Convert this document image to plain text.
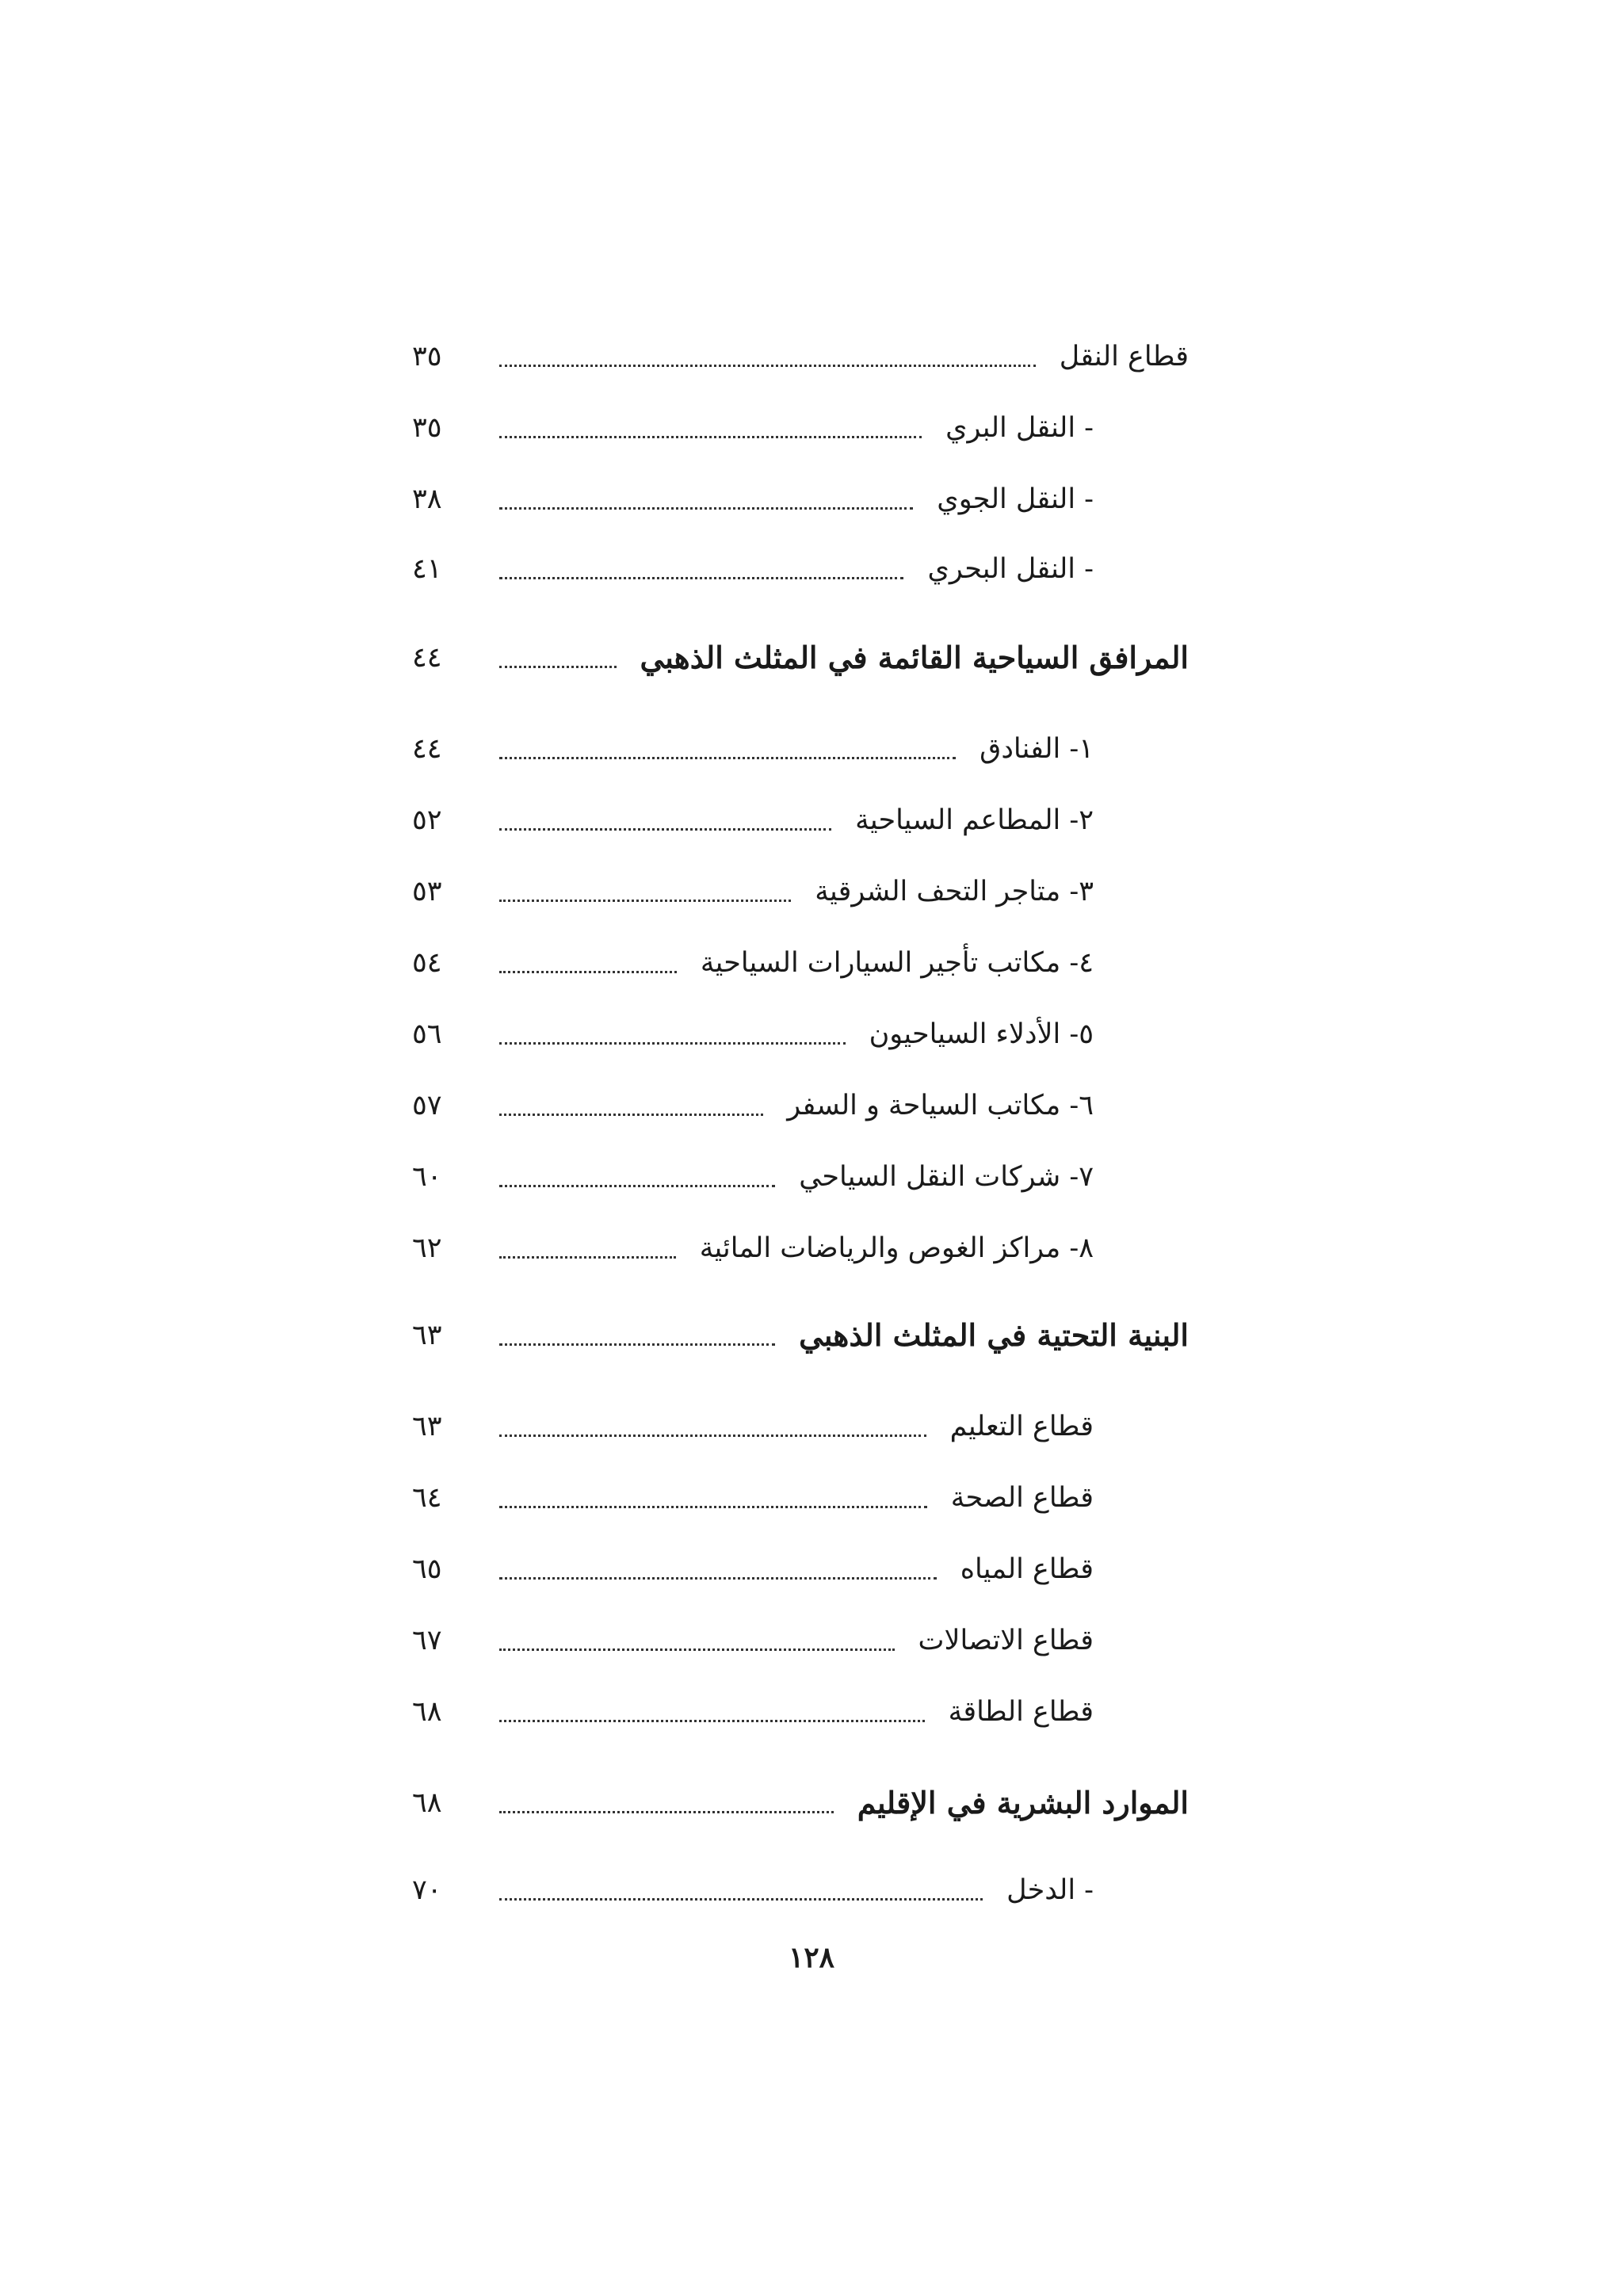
٣٥	قطاع النقل
٣٥	- النقل البري
٣٨	- النقل الجوي
٤١	- النقل البحري
٤٤	المرافق السياحية القائمة في المثلث الذهبي
٤٤	١- الفنادق
٥٢	٢- المطاعم السياحية
٥٣	٣- متاجر التحف الشرقية
٥٤	٤- مكاتب تأجير السيارات السياحية
٥٦	٥- الأدلاء السياحيون
٥٧	٦- مكاتب السياحة و السفر
٦٠	٧- شركات النقل السياحي
٦٢	٨- مراكز الغوص والرياضات المائية
٦٣	البنية التحتية في المثلث الذهبي
٦٣	قطاع التعليم
٦٤	قطاع الصحة
٦٥	قطاع المياه
٦٧	قطاع الاتصالات
٦٨	قطاع الطاقة
٦٨	الموارد البشرية في الإقليم
٧٠	- الدخل
١٢٨
